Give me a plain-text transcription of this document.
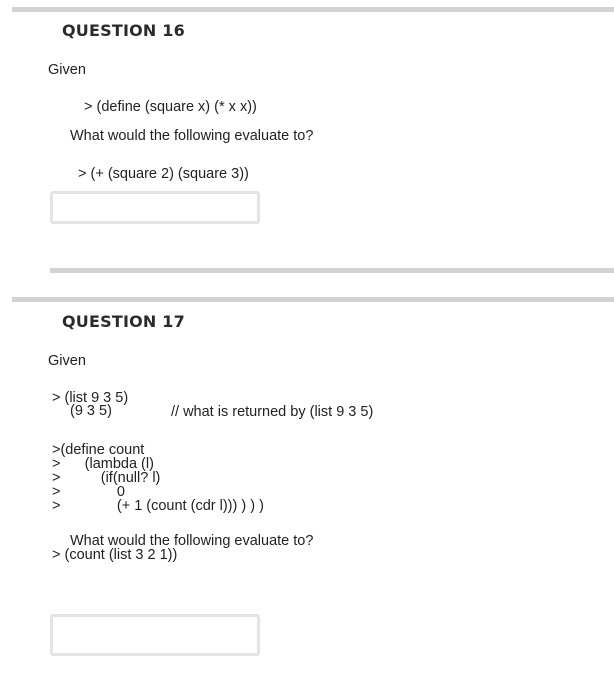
QUESTION 16
Given
> (define (square x) (* x x))
What would the following evaluate to?
> (+ (square 2) (square 3))
QUESTION 17
Given
> (list 9 3 5)
(9 3 5)	// what is returned by (list 9 3 5)
>(define count
>      (lambda (l)
>          (if(null? l)
>              0
>              (+ 1 (count (cdr l))) ) ) )
What would the following evaluate to?
> (count (list 3 2 1))
